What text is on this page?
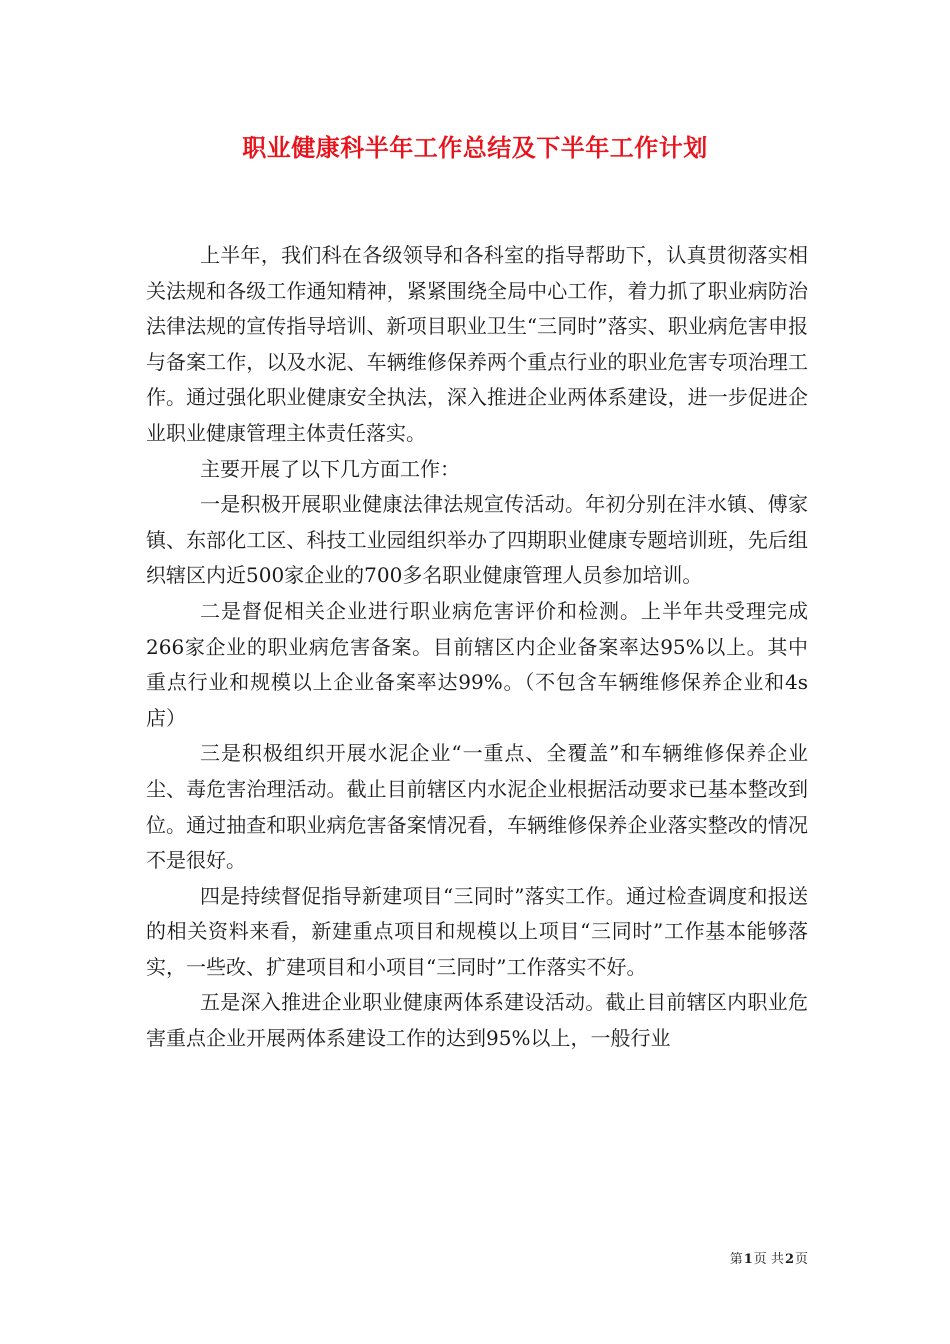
职业健康科半年工作总结及下半年工作计划

上半年，我们科在各级领导和各科室的指导帮助下，认真贯彻落实相关法规和各级工作通知精神，紧紧围绕全局中心工作，着力抓了职业病防治法律法规的宣传指导培训、新项目职业卫生“三同时”落实、职业病危害申报与备案工作，以及水泥、车辆维修保养两个重点行业的职业危害专项治理工作。通过强化职业健康安全执法，深入推进企业两体系建设，进一步促进企业职业健康管理主体责任落实。

主要开展了以下几方面工作：

一是积极开展职业健康法律法规宣传活动。年初分别在沣水镇、傅家镇、东部化工区、科技工业园组织举办了四期职业健康专题培训班，先后组织辖区内近500家企业的700多名职业健康管理人员参加培训。

二是督促相关企业进行职业病危害评价和检测。上半年共受理完成266家企业的职业病危害备案。目前辖区内企业备案率达95%以上。其中重点行业和规模以上企业备案率达99%。（不包含车辆维修保养企业和4s店）

三是积极组织开展水泥企业“一重点、全覆盖”和车辆维修保养企业尘、毒危害治理活动。截止目前辖区内水泥企业根据活动要求已基本整改到位。通过抽查和职业病危害备案情况看，车辆维修保养企业落实整改的情况不是很好。

四是持续督促指导新建项目“三同时”落实工作。通过检查调度和报送的相关资料来看，新建重点项目和规模以上项目“三同时”工作基本能够落实，一些改、扩建项目和小项目“三同时”工作落实不好。

五是深入推进企业职业健康两体系建设活动。截止目前辖区内职业危害重点企业开展两体系建设工作的达到95%以上，一般行业

第1页 共2页
